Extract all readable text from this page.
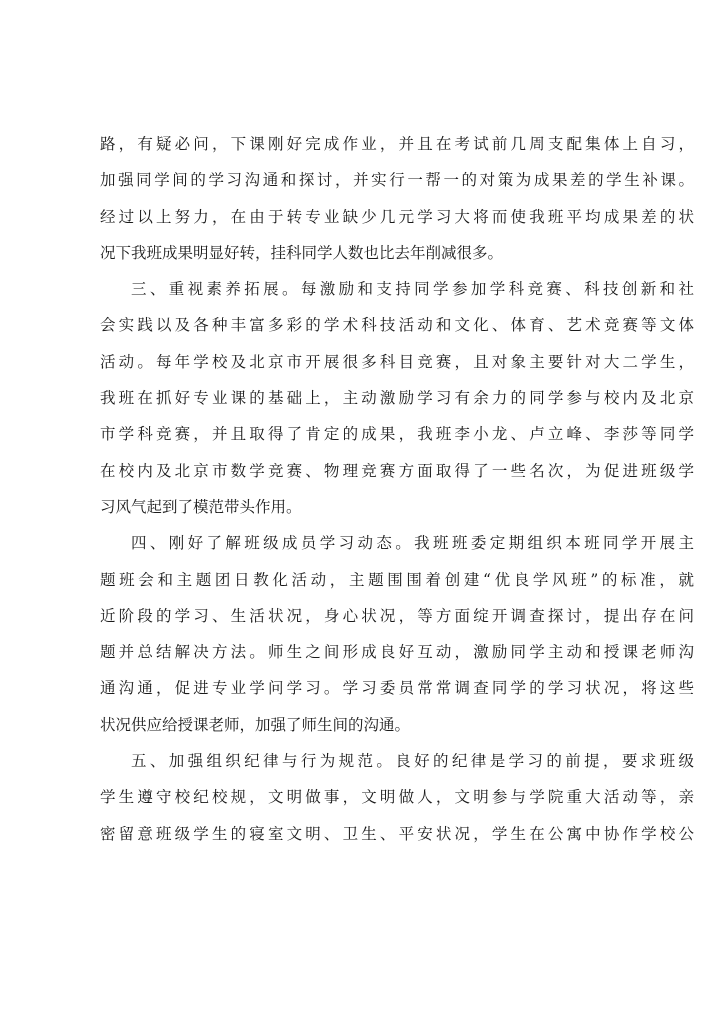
路，有疑必问，下课刚好完成作业，并且在考试前几周支配集体上自习，
加强同学间的学习沟通和探讨，并实行一帮一的对策为成果差的学生补课。
经过以上努力，在由于转专业缺少几元学习大将而使我班平均成果差的状
况下我班成果明显好转，挂科同学人数也比去年削减很多。
三、重视素养拓展。每激励和支持同学参加学科竞赛、科技创新和社
会实践以及各种丰富多彩的学术科技活动和文化、体育、艺术竞赛等文体
活动。每年学校及北京市开展很多科目竞赛，且对象主要针对大二学生，
我班在抓好专业课的基础上，主动激励学习有余力的同学参与校内及北京
市学科竞赛，并且取得了肯定的成果，我班李小龙、卢立峰、李莎等同学
在校内及北京市数学竞赛、物理竞赛方面取得了一些名次，为促进班级学
习风气起到了模范带头作用。
四、刚好了解班级成员学习动态。我班班委定期组织本班同学开展主
题班会和主题团日教化活动，主题围围着创建“优良学风班”的标准，就
近阶段的学习、生活状况，身心状况，等方面绽开调查探讨，提出存在问
题并总结解决方法。师生之间形成良好互动，激励同学主动和授课老师沟
通沟通，促进专业学问学习。学习委员常常调查同学的学习状况，将这些
状况供应给授课老师，加强了师生间的沟通。
五、加强组织纪律与行为规范。良好的纪律是学习的前提，要求班级
学生遵守校纪校规，文明做事，文明做人，文明参与学院重大活动等，亲
密留意班级学生的寝室文明、卫生、平安状况，学生在公寓中协作学校公
